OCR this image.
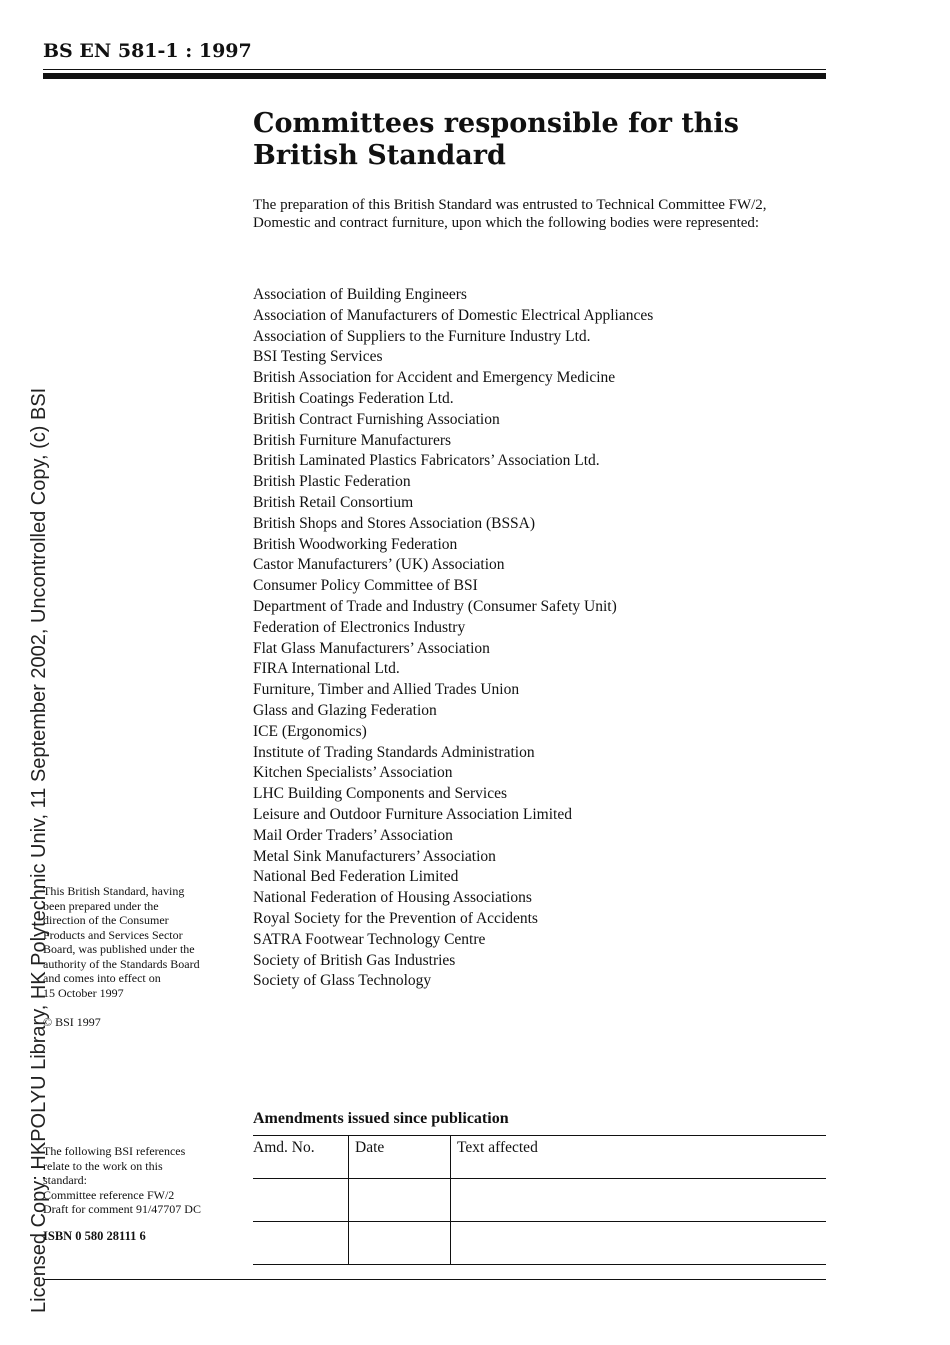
BS EN 581-1 : 1997
Committees responsible for this
British Standard

The preparation of this British Standard was entrusted to Technical Committee FW/2, Domestic and contract furniture, upon which the following bodies were represented:

Association of Building Engineers
Association of Manufacturers of Domestic Electrical Appliances
Association of Suppliers to the Furniture Industry Ltd.
BSI Testing Services
British Association for Accident and Emergency Medicine
British Coatings Federation Ltd.
British Contract Furnishing Association
British Furniture Manufacturers
British Laminated Plastics Fabricators’ Association Ltd.
British Plastic Federation
British Retail Consortium
British Shops and Stores Association (BSSA)
British Woodworking Federation
Castor Manufacturers’ (UK) Association
Consumer Policy Committee of BSI
Department of Trade and Industry (Consumer Safety Unit)
Federation of Electronics Industry
Flat Glass Manufacturers’ Association
FIRA International Ltd.
Furniture, Timber and Allied Trades Union
Glass and Glazing Federation
ICE (Ergonomics)
Institute of Trading Standards Administration
Kitchen Specialists’ Association
LHC Building Components and Services
Leisure and Outdoor Furniture Association Limited
Mail Order Traders’ Association
Metal Sink Manufacturers’ Association
National Bed Federation Limited
National Federation of Housing Associations
Royal Society for the Prevention of Accidents
SATRA Footwear Technology Centre
Society of British Gas Industries
Society of Glass Technology

This British Standard, having
been prepared under the
direction of the Consumer
Products and Services Sector
Board, was published under the
authority of the Standards Board
and comes into effect on
15 October 1997

© BSI 1997

The following BSI references
relate to the work on this
standard:
Committee reference FW/2
Draft for comment 91/47707 DC

ISBN 0 580 28111 6
Amendments issued since publication
Amd. No.	Date	Text affected

Licensed Copy: HKPOLYU Library, HK Polytechnic Univ, 11 September 2002, Uncontrolled Copy, (c) BSI
